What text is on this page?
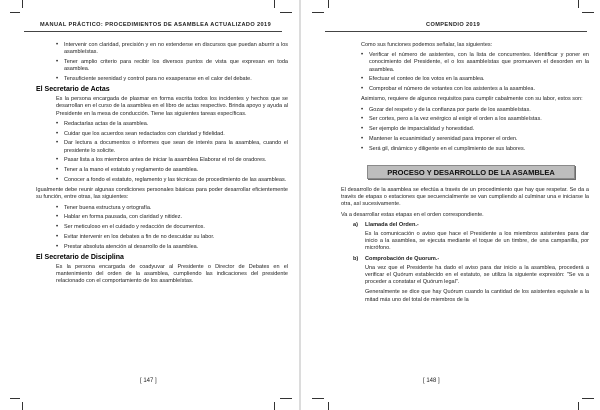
MANUAL PRÁCTICO: PROCEDIMIENTOS DE ASAMBLEA ACTUALIZADO 2019
• Intervenir con claridad, precisión y en no extenderse en discursos que puedan aburrir a los asambleístas.
• Tener amplio criterio para recibir los diversos puntos de vista que expresan en toda asamblea.
• Tensuficiente serenidad y control para no exasperarse en el calor del debate.
El Secretario de Actas

Es la persona encargada de plasmar en forma escrita todos los incidentes y hechos que se desarrollan en el curso de la asamblea en el libro de actas respectivo. Brinda apoyo y ayuda al Presidente en la mesa de conducción. Tiene las siguientes tareas específicas.

• Redactarlas actas de la asamblea.
• Cuidar que los acuerdos sean redactados con claridad y fidelidad.
• Dar lectura a documentos o informes que sean de interés para la asamblea, cuando el presidente lo solicite.
• Pasar lista a los miembros antes de iniciar la asamblea Elaborar el rol de oradores.
• Tener a la mano el estatuto y reglamento de asamblea.
• Conocer a fondo el estatuto, reglamento y las técnicas de procedimiento de las asambleas.

Igualmente debe reunir algunas condiciones personales básicas para poder desarrollar eficientemente su función, entre otras, las siguientes:

• Tener buena estructura y ortografía.
• Hablar en forma pausada, con claridad y nitidez.
• Ser meticuloso en el cuidado y redacción de documentos.
• Evitar intervenir en los debates a fin de no descuidar su labor.
• Prestar absoluta atención al desarrollo de la asamblea.
El Secretario de Disciplina

Es la persona encargada de coadyuvar al Presidente o Director de Debates en el mantenimiento del orden de la asamblea, cumpliendo las indicaciones del presidente relacionado con el comportamiento de los asambleístas.

[ 147 ]
COMPENDIO 2019

Como sus funciones podemos señalar, las siguientes:

• Verificar el número de asistentes, con la lista de concurrentes. Identificar y poner en conocimiento del Presidente, el o los asambleístas que promueven el desorden en la asamblea.
• Efectuar el conteo de los votos en la asamblea.
• Comprobar el número de votantes con los asistentes a la asamblea.

Asimismo, requiere de algunos requisitos para cumplir cabalmente con su labor, estos son:

• Gozar del respeto y de la confianza por parte de los asambleístas.
• Ser cortes, pero a la vez enérgico al exigir el orden a los asambleístas.
• Ser ejemplo de imparcialidad y honestidad.
• Mantener la ecuanimidad y serenidad para imponer el orden.
• Será gil, dinámico y diligente en el cumplimiento de sus labores.
PROCESO Y DESARROLLO DE LA ASAMBLEA

El desarrollo de la asamblea se efectúa a través de un procedimiento que hay que respetar. Se da a través de etapas o estaciones que secuencialmente se van cumpliendo al culminar una e iniciarse la otra, así sucesivamente.

Va a desarrollar estas etapas en el orden correspondiente.

a) Llamada del Orden.-

Es la comunicación o aviso que hace el Presidente a los miembros asistentes para dar inicio a la asamblea, se ejecuta mediante el toque de un timbre, de una campanilla, por micrófono.

b) Comprobación de Quorum.-

Una vez que el Presidente ha dado el aviso para dar inicio a la asamblea, procederá a verificar el Quórum establecido en el estatuto, se utiliza la siguiente expresión: "Se va a proceder a constatar el Quórum legal".

Generalmente se dice que hay Quórum cuando la cantidad de los asistentes equivale a la mitad más uno del total de miembros de la

[ 148 ]
